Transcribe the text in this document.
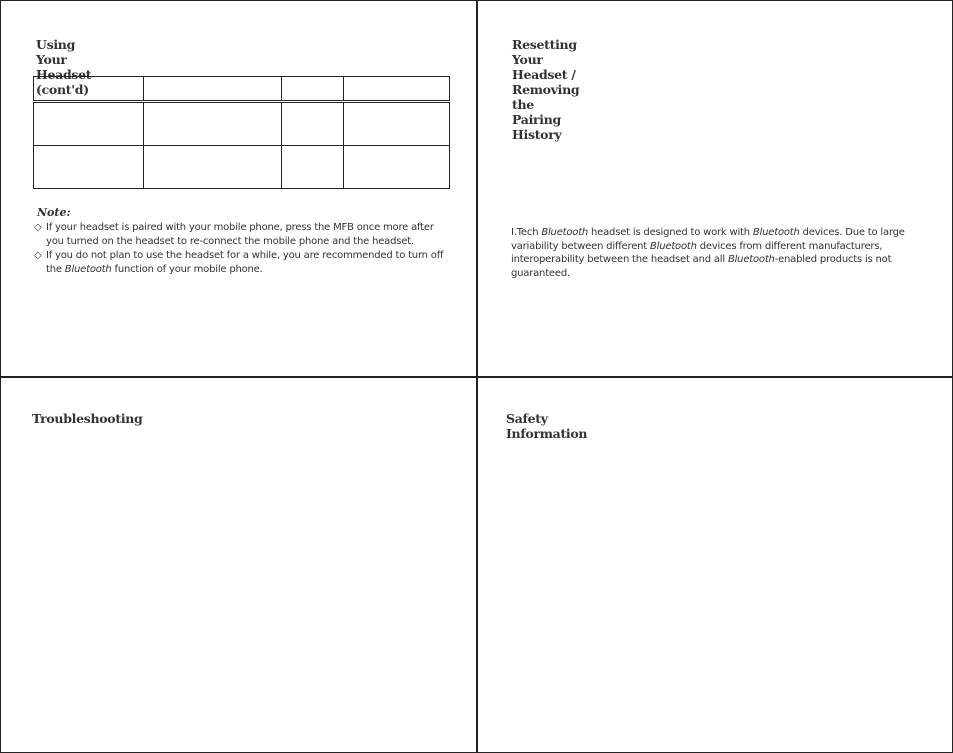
Using Your Headset (cont'd)

Note:
◇ If your headset is paired with your mobile phone, press the MFB once more after you turned on the headset to re-connect the mobile phone and the headset.
◇ If you do not plan to use the headset for a while, you are recommended to turn off the Bluetooth function of your mobile phone.
Resetting Your Headset / Removing the Pairing History
I.Tech Bluetooth headset is designed to work with Bluetooth devices. Due to large variability between different Bluetooth devices from different manufacturers, interoperability between the headset and all Bluetooth-enabled products is not guaranteed.
Troubleshooting	Safety Information
